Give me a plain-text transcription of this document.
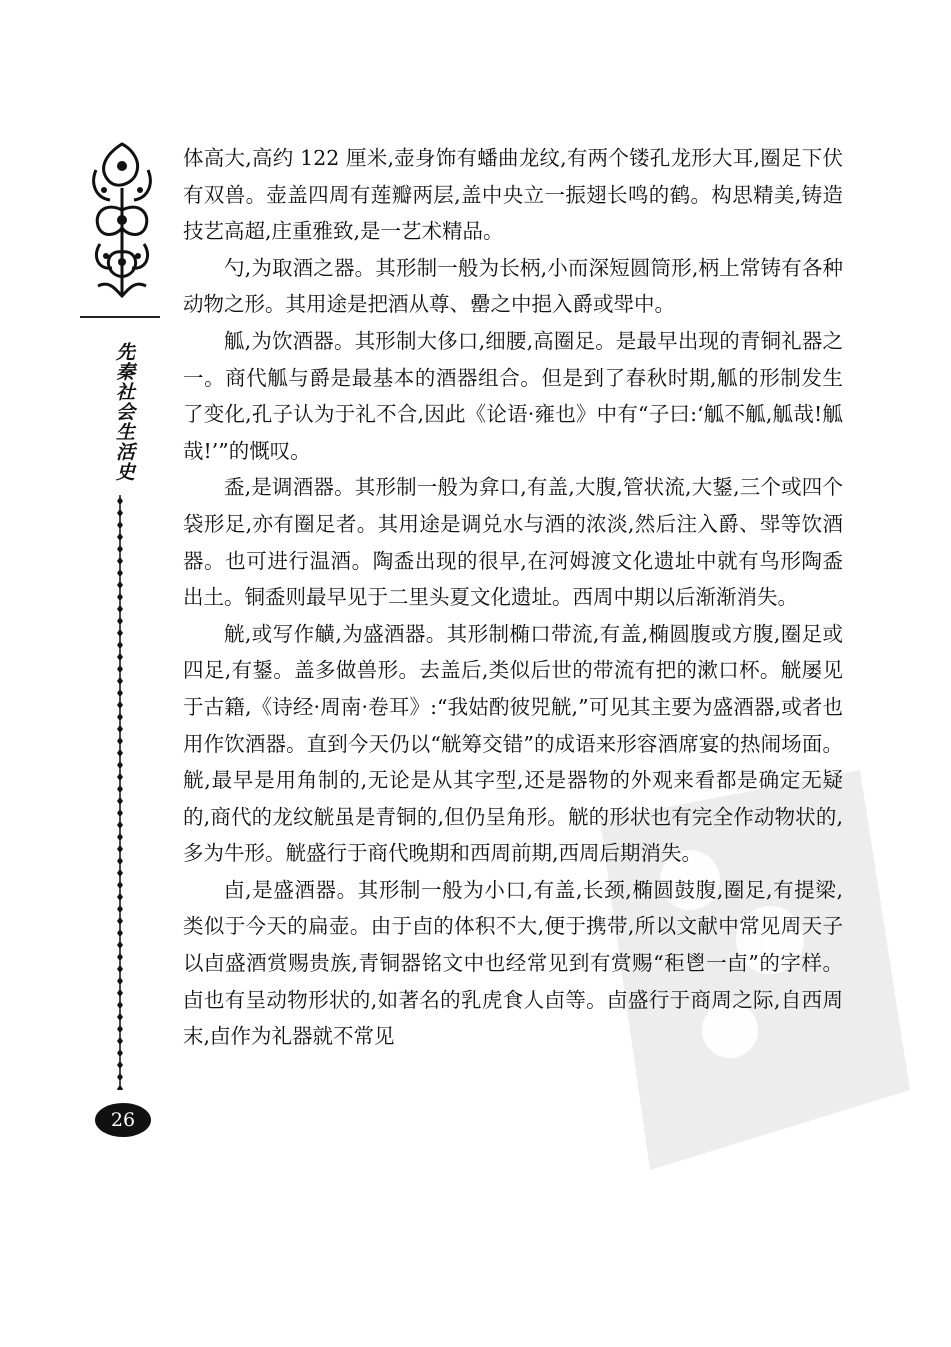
先秦社会生活史
26

体高大,高约 122 厘米,壶身饰有蟠曲龙纹,有两个镂孔龙形大耳,圈足下伏有双兽。壶盖四周有莲瓣两层,盖中央立一振翅长鸣的鹤。构思精美,铸造技艺高超,庄重雅致,是一艺术精品。

勺,为取酒之器。其形制一般为长柄,小而深短圆筒形,柄上常铸有各种动物之形。其用途是把酒从尊、罍之中挹入爵或斝中。

觚,为饮酒器。其形制大侈口,细腰,高圈足。是最早出现的青铜礼器之一。商代觚与爵是最基本的酒器组合。但是到了春秋时期,觚的形制发生了变化,孔子认为于礼不合,因此《论语·雍也》中有“子曰:‘觚不觚,觚哉!觚哉!’”的慨叹。

盉,是调酒器。其形制一般为弇口,有盖,大腹,管状流,大鋬,三个或四个袋形足,亦有圈足者。其用途是调兑水与酒的浓淡,然后注入爵、斝等饮酒器。也可进行温酒。陶盉出现的很早,在河姆渡文化遗址中就有鸟形陶盉出土。铜盉则最早见于二里头夏文化遗址。西周中期以后渐渐消失。

觥,或写作觵,为盛酒器。其形制椭口带流,有盖,椭圆腹或方腹,圈足或四足,有鋬。盖多做兽形。去盖后,类似后世的带流有把的漱口杯。觥屡见于古籍,《诗经·周南·卷耳》:“我姑酌彼兕觥,”可见其主要为盛酒器,或者也用作饮酒器。直到今天仍以“觥筹交错”的成语来形容酒席宴的热闹场面。觥,最早是用角制的,无论是从其字型,还是器物的外观来看都是确定无疑的,商代的龙纹觥虽是青铜的,但仍呈角形。觥的形状也有完全作动物状的,多为牛形。觥盛行于商代晚期和西周前期,西周后期消失。

卣,是盛酒器。其形制一般为小口,有盖,长颈,椭圆鼓腹,圈足,有提梁,类似于今天的扁壶。由于卣的体积不大,便于携带,所以文献中常见周天子以卣盛酒赏赐贵族,青铜器铭文中也经常见到有赏赐“秬鬯一卣”的字样。卣也有呈动物形状的,如著名的乳虎食人卣等。卣盛行于商周之际,自西周末,卣作为礼器就不常见
